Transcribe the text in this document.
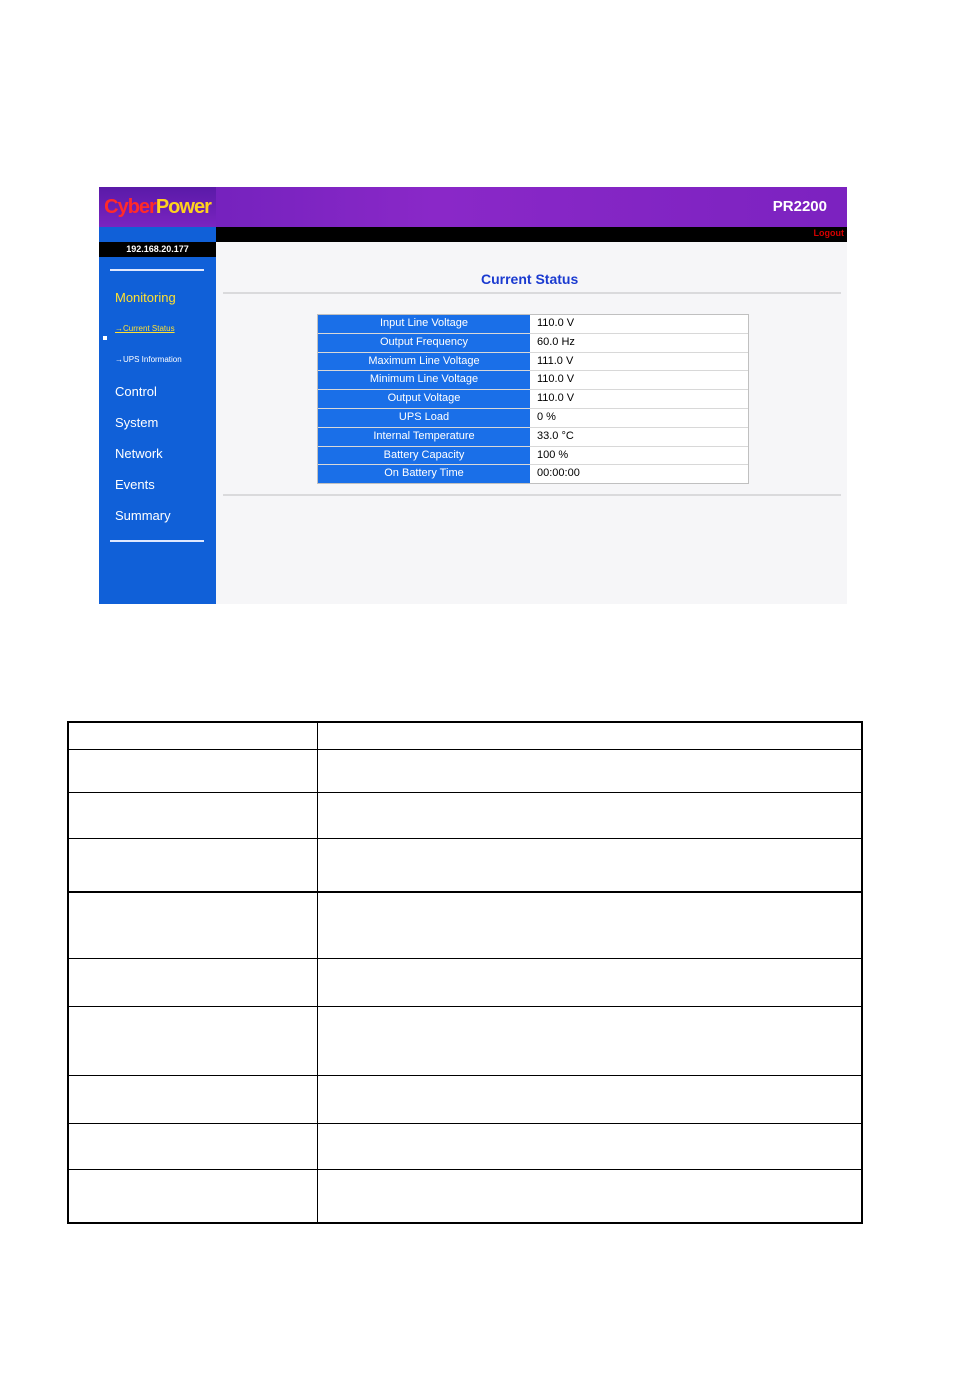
Cyber Power	PR2200
Logout
192.168.20.177
Monitoring
→Current Status
→UPS Information
Control
System
Network
Events
Summary
Current Status
Input Line Voltage	110.0 V
Output Frequency	60.0 Hz
Maximum Line Voltage	111.0 V
Minimum Line Voltage	110.0 V
Output Voltage	110.0 V
UPS Load	0 %
Internal Temperature	33.0 °C
Battery Capacity	100 %
On Battery Time	00:00:00
